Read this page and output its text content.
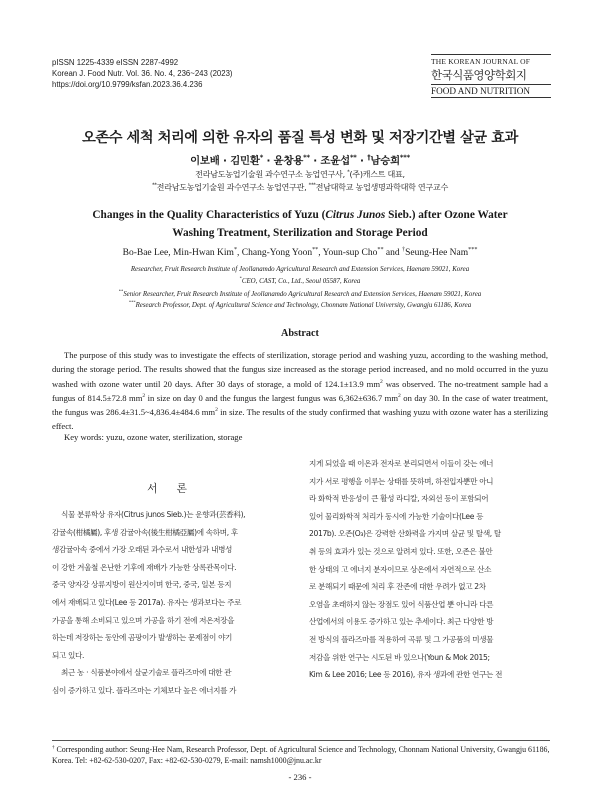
pISSN 1225-4339 eISSN 2287-4992
Korean J. Food Nutr. Vol. 36. No. 4, 236~243 (2023)
https://doi.org/10.9799/ksfan.2023.36.4.236
THE KOREAN JOURNAL OF
한국식품영양학회지
FOOD AND NUTRITION
오존수 세척 처리에 의한 유자의 품질 특성 변화 및 저장기간별 살균 효과
이보배 · 김민환* · 윤창용** · 조윤섭** · †남승희***
전라남도농업기술원 과수연구소 농업연구사, *(주)캐스트 대표,
**전라남도농업기술원 과수연구소 농업연구관, ***전남대학교 농업생명과학대학 연구교수
Changes in the Quality Characteristics of Yuzu (Citrus Junos Sieb.) after Ozone Water
Washing Treatment, Sterilization and Storage Period
Bo-Bae Lee, Min-Hwan Kim*, Chang-Yong Yoon**, Youn-sup Cho** and †Seung-Hee Nam***
Researcher, Fruit Research Institute of Jeollanamdo Agricultural Research and Extension Services, Haenam 59021, Korea
*CEO, CAST, Co., Ltd., Seoul 05587, Korea
**Senior Researcher, Fruit Research Institute of Jeollanamdo Agricultural Research and Extension Services, Haenam 59021, Korea
***Research Professor, Dept. of Agricultural Science and Technology, Chonnam National University, Gwangju 61186, Korea
Abstract

The purpose of this study was to investigate the effects of sterilization, storage period and washing yuzu, according to the washing method, during the storage period. The results showed that the fungus size increased as the storage period increased, and no mold occurred in the yuzu washed with ozone water until 20 days. After 30 days of storage, a mold of 124.1±13.9 $mm^2$ was observed. The no-treatment sample had a fungus of 814.5±72.8 $mm^2$ in size on day 0 and the fungus the largest fungus was 6,362±636.7 $mm^2$ on day 30. In the case of water treatment, the fungus was 286.4±31.5~4,836.4±484.6 $mm^2$ in size. The results of the study confirmed that washing yuzu with ozone water has a sterilizing effect.

Key words: yuzu, ozone water, sterilization, storage
서 론
식물 분류학상 유자(Citrus junos Sieb.)는 운향과(芸香科),
감귤속(柑橘屬), 후생 감귤아속(後生柑橘亞屬)에 속하며, 후
생감귤아속 중에서 가장 오래된 과수로서 내한성과 내병성
이 강한 겨울철 온난한 기후에 재배가 가능한 상록관목이다.
중국 양자강 상류지방이 원산지이며 한국, 중국, 일본 등지
에서 재배되고 있다(Lee 등 2017a). 유자는 생과보다는 주로
가공을 통해 소비되고 있으며 가공을 하기 전에 저온저장을
하는데 저장하는 동안에 곰팡이가 발생하는 문제점이 야기
되고 있다.
최근 농 · 식품분야에서 살균기술로 플라즈마에 대한 관
심이 증가하고 있다. 플라즈마는 기체보다 높은 에너지를 가
지게 되었을 때 이온과 전자로 분리되면서 이들이 갖는 에너
지가 서로 평행을 이루는 상태를 뜻하며, 하전입자뿐만 아니
라 화학적 반응성이 큰 활성 라디칼, 자외선 등이 포함되어
있어 물리화학적 처리가 동시에 가능한 기술이다(Lee 등
2017b). 오존(O₃)은 강력한 산화력을 가지며 살균 및 탈색, 탈
취 등의 효과가 있는 것으로 알려져 있다. 또한, 오존은 불안
한 상태의 고 에너지 분자이므로 상온에서 자연적으로 산소
로 분해되기 때문에 처리 후 잔존에 대한 우려가 없고 2차
오염을 초래하지 않는 장점도 있어 식품산업 뿐 아니라 다른
산업에서의 이용도 증가하고 있는 추세이다. 최근 다양한 방
전 방식의 플라즈마를 적용하여 곡류 및 그 가공품의 미생물
저감을 위한 연구는 시도된 바 있으나(Youn & Mok 2015;
Kim & Lee 2016; Lee 등 2016), 유자 생과에 관한 연구는 전

† Corresponding author: Seung-Hee Nam, Research Professor, Dept. of Agricultural Science and Technology, Chonnam National University, Gwangju 61186, Korea. Tel: +82-62-530-0207, Fax: +82-62-530-0279, E-mail: namsh1000@jnu.ac.kr

- 236 -
